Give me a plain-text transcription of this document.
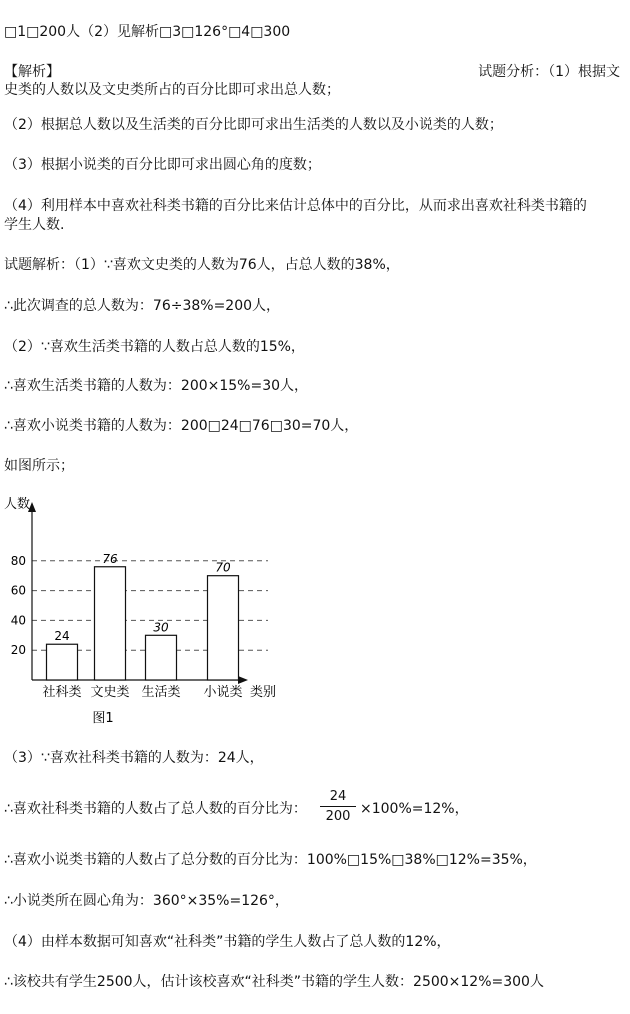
□1□200人（2）见解析□3□126°□4□300
【解析】	试题分析：（1）根据文
史类的人数以及文史类所占的百分比即可求出总人数；
（2）根据总人数以及生活类的百分比即可求出生活类的人数以及小说类的人数；
（3）根据小说类的百分比即可求出圆心角的度数；
（4）利用样本中喜欢社科类书籍的百分比来估计总体中的百分比，从而求出喜欢社科类书籍的
学生人数.
试题解析：（1）∵喜欢文史类的人数为76人，占总人数的38%，
∴此次调查的总人数为：76÷38%=200人，
（2）∵喜欢生活类书籍的人数占总人数的15%，
∴喜欢生活类书籍的人数为：200×15%=30人，
∴喜欢小说类书籍的人数为：200□24□76□30=70人，
如图所示；
20
40
60
80
人数
类别
24
社科类
76
文史类
30
生活类
70
小说类
图1
（3）∵喜欢社科类书籍的人数为：24人，
∴喜欢社科类书籍的人数占了总人数的百分比为：
24
200 ×100%=12%，
∴喜欢小说类书籍的人数占了总分数的百分比为：100%□15%□38%□12%=35%，
∴小说类所在圆心角为：360°×35%=126°，
（4）由样本数据可知喜欢“社科类”书籍的学生人数占了总人数的12%，
∴该校共有学生2500人，估计该校喜欢“社科类”书籍的学生人数：2500×12%=300人
